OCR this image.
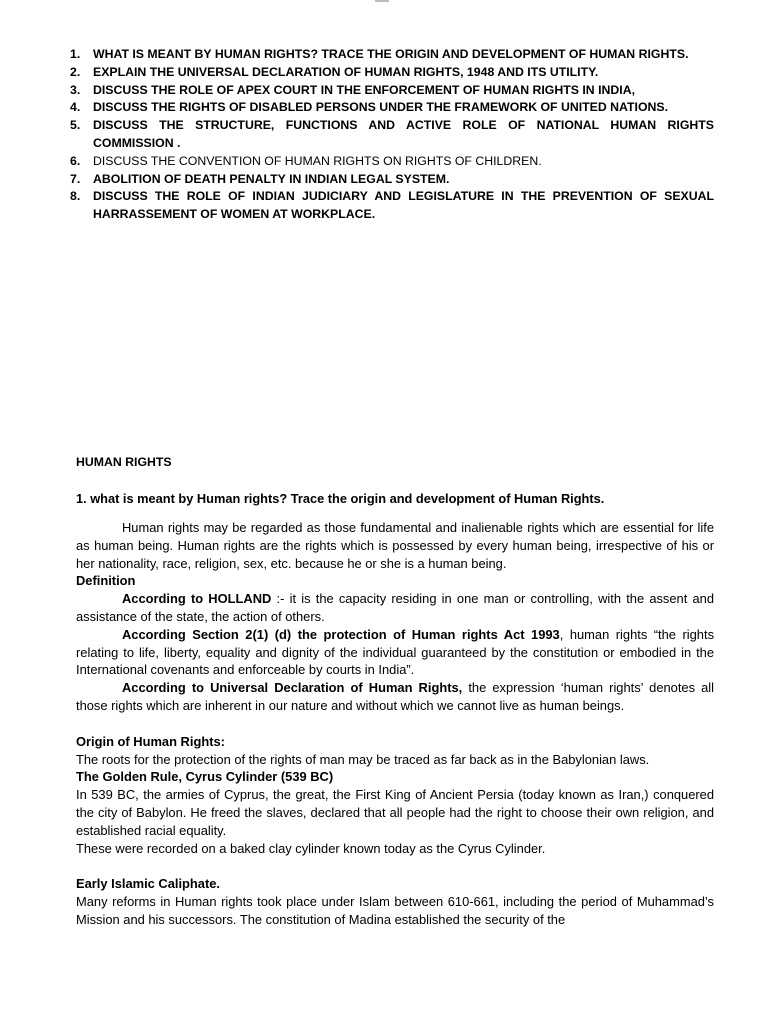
1. WHAT IS MEANT BY HUMAN RIGHTS? TRACE THE ORIGIN AND DEVELOPMENT OF HUMAN RIGHTS.
2. EXPLAIN THE UNIVERSAL DECLARATION OF HUMAN RIGHTS, 1948 AND ITS UTILITY.
3. DISCUSS THE ROLE OF APEX COURT IN THE ENFORCEMENT OF HUMAN RIGHTS IN INDIA,
4. DISCUSS THE RIGHTS OF DISABLED PERSONS UNDER THE FRAMEWORK OF UNITED NATIONS.
5. DISCUSS THE STRUCTURE, FUNCTIONS AND ACTIVE ROLE OF NATIONAL HUMAN RIGHTS COMMISSION .
6. DISCUSS THE CONVENTION OF HUMAN RIGHTS ON RIGHTS OF CHILDREN.
7. ABOLITION OF DEATH PENALTY IN INDIAN LEGAL SYSTEM.
8. DISCUSS THE ROLE OF INDIAN JUDICIARY AND LEGISLATURE IN THE PREVENTION OF SEXUAL HARRASSEMENT OF WOMEN AT WORKPLACE.
HUMAN RIGHTS
1. what is meant by Human rights? Trace the origin and development of Human Rights.

Human rights may be regarded as those fundamental and inalienable rights which are essential for life as human being. Human rights are the rights which is possessed by every human being, irrespective of his or her nationality, race, religion, sex, etc. because he or she is a human being.

Definition

According to HOLLAND :- it is the capacity residing in one man or controlling, with the assent and assistance of the state, the action of others.

According Section 2(1) (d) the protection of Human rights Act 1993, human rights “the rights relating to life, liberty, equality and dignity of the individual guaranteed by the constitution or embodied in the International covenants and enforceable by courts in India”.

According to Universal Declaration of Human Rights, the expression ‘human rights’ denotes all those rights which are inherent in our nature and without which we cannot live as human beings.

Origin of Human Rights:

The roots for the protection of the rights of man may be traced as far back as in the Babylonian laws.

The Golden Rule, Cyrus Cylinder (539 BC)

In 539 BC, the armies of Cyprus, the great, the First King of Ancient Persia (today known as Iran,) conquered the city of Babylon. He freed the slaves, declared that all people had the right to choose their own religion, and established racial equality.

These were recorded on a baked clay cylinder known today as the Cyrus Cylinder.

Early Islamic Caliphate.

Many reforms in Human rights took place under Islam between 610-661, including the period of Muhammad’s Mission and his successors. The constitution of Madina established the security of the
